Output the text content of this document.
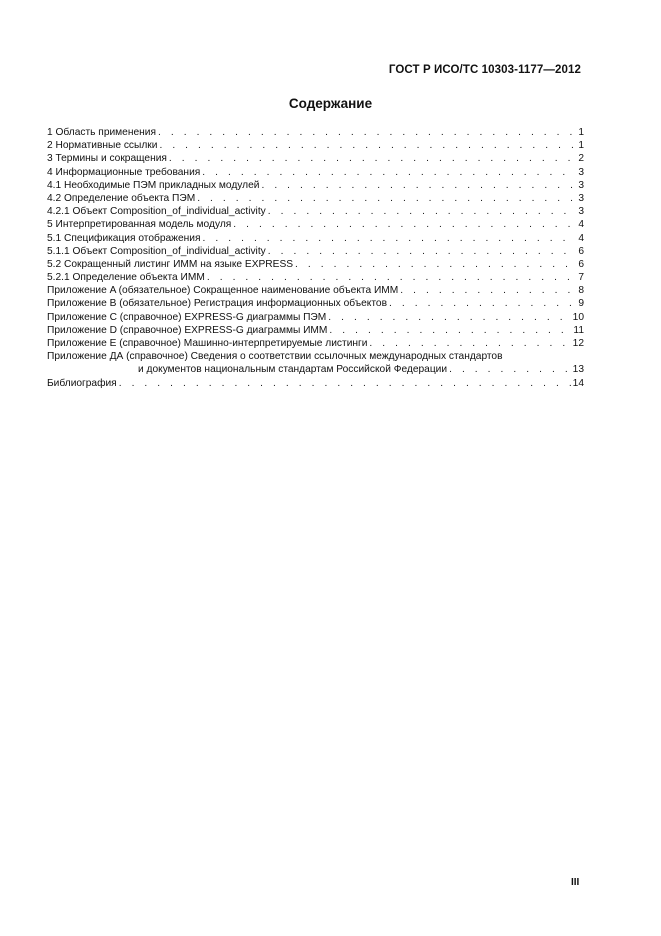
ГОСТ Р ИСО/ТС 10303-1177—2012
Содержание
1 Область применения . . .	1
2 Нормативные ссылки . . .	1
3 Термины и сокращения . . .	2
4 Информационные требования . . .	3
4.1 Необходимые ПЭМ прикладных модулей . . .	3
4.2 Определение объекта ПЭМ . . .	3
4.2.1 Объект Composition_of_individual_activity . . .	3
5 Интерпретированная модель модуля . . .	4
5.1 Спецификация отображения . . .	4
5.1.1 Объект Composition_of_individual_activity . . .	6
5.2 Сокращенный листинг ИММ на языке EXPRESS . . .	6
5.2.1 Определение объекта ИММ . . .	7
Приложение A (обязательное) Сокращенное наименование объекта ИММ . . .	8
Приложение B (обязательное) Регистрация информационных объектов . . .	9
Приложение C (справочное) EXPRESS-G диаграммы ПЭМ . . .	10
Приложение D (справочное) EXPRESS-G диаграммы ИММ . . .	11
Приложение E (справочное) Машинно-интерпретируемые листинги . . .	12
Приложение ДА (справочное) Сведения о соответствии ссылочных международных стандартов
и документов национальным стандартам Российской Федерации . . .	13
Библиография . . .	14
III
